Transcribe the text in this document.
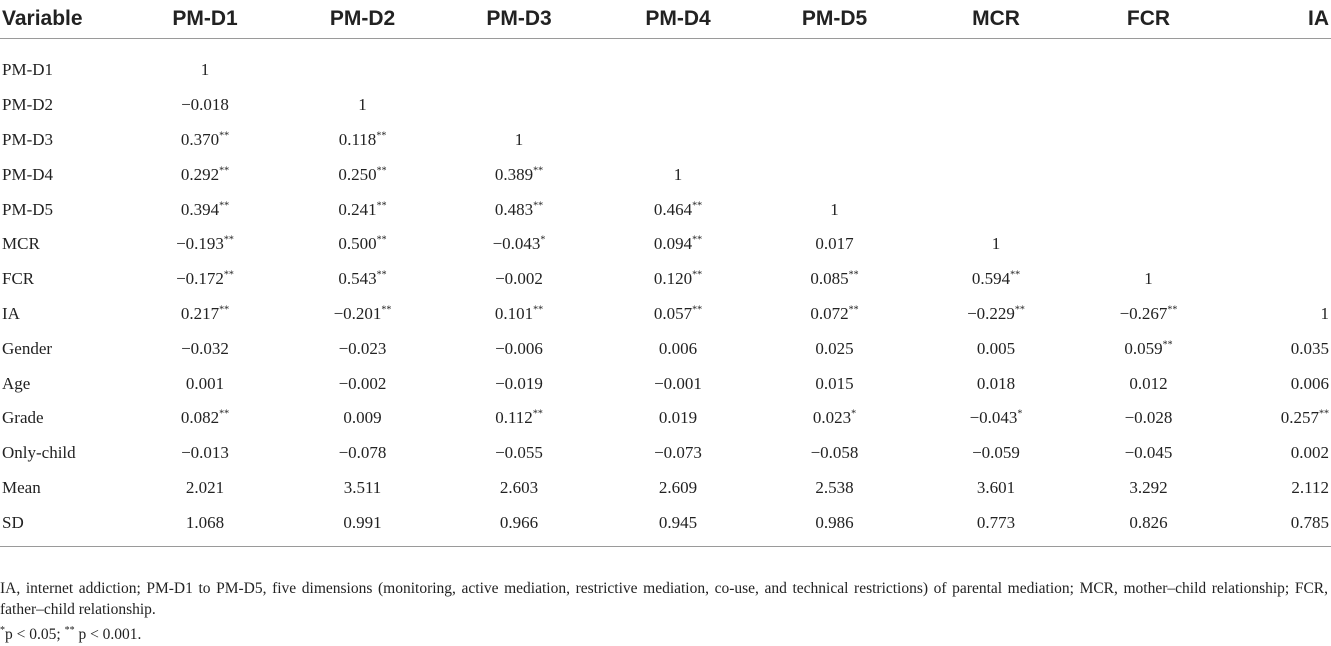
Variable	PM-D1	PM-D2	PM-D3	PM-D4	PM-D5	MCR	FCR	IA
PM-D1	1							
PM-D2	−0.018	1						
PM-D3	0.370**	0.118**	1					
PM-D4	0.292**	0.250**	0.389**	1				
PM-D5	0.394**	0.241**	0.483**	0.464**	1			
MCR	−0.193**	0.500**	−0.043*	0.094**	0.017	1		
FCR	−0.172**	0.543**	−0.002	0.120**	0.085**	0.594**	1	
IA	0.217**	−0.201**	0.101**	0.057**	0.072**	−0.229**	−0.267**	1
Gender	−0.032	−0.023	−0.006	0.006	0.025	0.005	0.059**	0.035
Age	0.001	−0.002	−0.019	−0.001	0.015	0.018	0.012	0.006
Grade	0.082**	0.009	0.112**	0.019	0.023*	−0.043*	−0.028	0.257**
Only-child	−0.013	−0.078	−0.055	−0.073	−0.058	−0.059	−0.045	0.002
Mean	2.021	3.511	2.603	2.609	2.538	3.601	3.292	2.112
SD	1.068	0.991	0.966	0.945	0.986	0.773	0.826	0.785

IA, internet addiction; PM-D1 to PM-D5, five dimensions (monitoring, active mediation, restrictive mediation, co-use, and technical restrictions) of parental mediation; MCR, mother–child relationship; FCR, father–child relationship.

*p < 0.05; ** p < 0.001.
